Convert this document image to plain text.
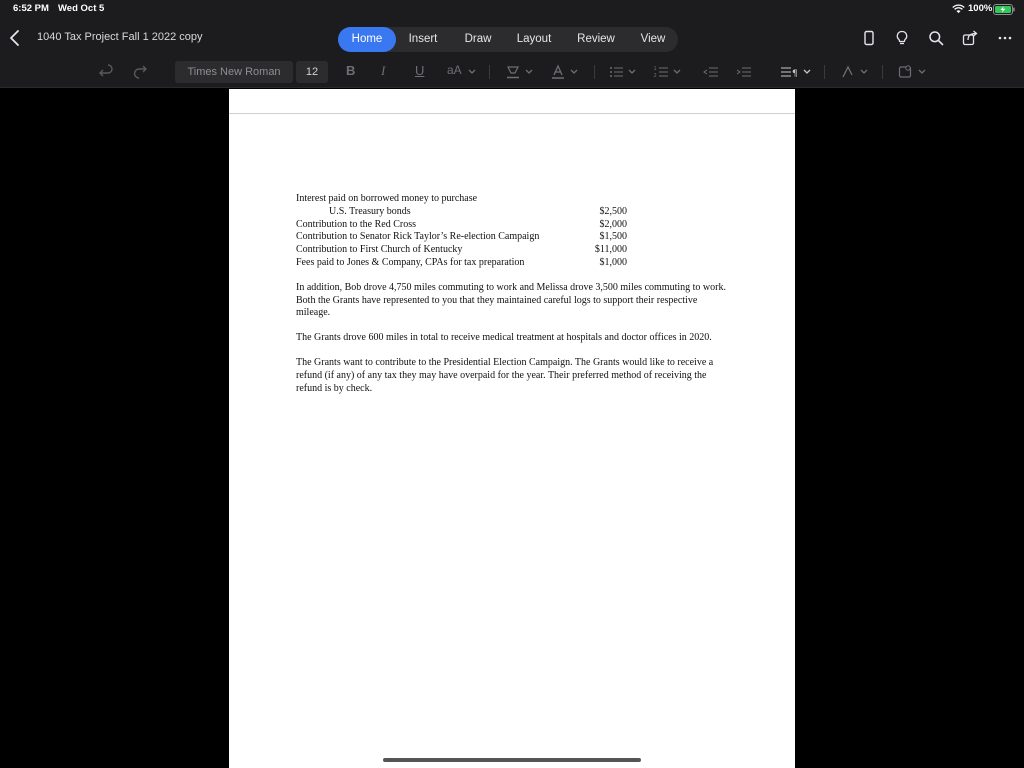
6:52 PM Wed Oct 5	100%
1040 Tax Project Fall 1 2022 copy	Home	Insert	Draw	Layout	Review	View
Times New Roman	12	B I U aA	1
2	¶
Interest paid on borrowed money to purchase
U.S. Treasury bonds	$2,500
Contribution to the Red Cross	$2,000
Contribution to Senator Rick Taylor’s Re-election Campaign	$1,500
Contribution to First Church of Kentucky	$11,000
Fees paid to Jones & Company, CPAs for tax preparation	$1,000

In addition, Bob drove 4,750 miles commuting to work and Melissa drove 3,500 miles commuting to work. Both the Grants have represented to you that they maintained careful logs to support their respective mileage.

The Grants drove 600 miles in total to receive medical treatment at hospitals and doctor offices in 2020.

The Grants want to contribute to the Presidential Election Campaign. The Grants would like to receive a refund (if any) of any tax they may have overpaid for the year. Their preferred method of receiving the refund is by check.
